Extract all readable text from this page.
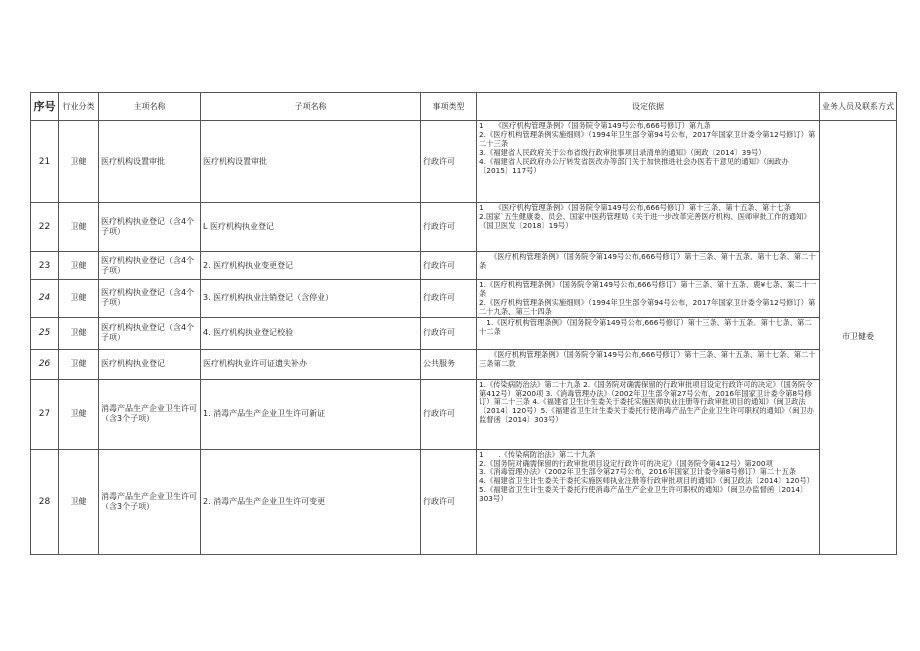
序号	行业分类	主项名称	子项名称	事项类型	设定依据	业务人员及联系方式
21	卫健	医疗机构设置审批	医疗机构设置审批	行政许可	1　　《医疗机构管理条例》（国务院令第149号公布,666号修订）第九条
2.《医疗机构管理条例实施细则》（1994年卫生部令第94号公布，2017年国家卫计委令第12号修订）第二十三条
3.《福建省人民政府关于公布省级行政审批事项目录清单的通知》（闽政〔2014〕39号）
4.《福建省人民政府办公厅转发省医改办等部门关于加快推进社会办医若干意见的通知》（闽政办〔2015〕117号）	市卫健委
22	卫健	医疗机构执业登记（含4个子项）	L 医疗机构执业登记	行政许可	1　　《医疗机构管理条例》（国务院令第149号公布,666号修订）第十三条、第十五条、第十七条
2.国家`五生健康委、员会、国家中医药管理局《关于进一步改革完善医疗机构、医师审批工作的通知》（国卫医发〔2018〕19号）	

23	卫健	医疗机构执业登记（含4个子项）	2. 医疗机构执业变更登记	行政许可	　　《医疗机构管理条例》（国务院令第149号公布,666号修订）第十三条、第十五条、第十七条、第二十条	

24	卫健	医疗机构执业登记（含4个子项）	3. 医疗机构执业注销登记（含停业）	行政许可	1.《医疗机构管理条例》（国务院令第149号公布,666号修订）第十三条、第十五条、鹿¥七条、案二十一条
2.《医疗机构管理条例实施细则》（1994年卫生部令第94号公布，2017年国家卫计委令第12号修订）第二十九条、第三十四条	

25	卫健	医疗机构执业登记（含4个子项）	4. 医疗机构执业登记校验	行政许可	　1.《医疗机构管理条例》（国务院令第149号公布,666号修订）第十三条、第十五条、第十七条、第二十二条	

26	卫健	医疗机构执业登记	医疗机构执业许可证遗失补办	公共服务	　　《医疗机构管理条例》（国务院令第149号公布,666号修订）第十三条、第十五条、第十七条、第二十三条第二款	

27	卫健	消毒产品生产企业卫生许可（含3个子项）	1. 消毒产品生产企业卫生许可新证	行政许可	1.《传染病防治法》第二十九条 2.《国务院对确需保留的行政审批项目设定行政许可的决定》（国务院令第412号）第200项 3.《消毒管理办法》（2002年卫生部令第27号公布，2016年国家卫计委令第8号修订）第二十三条 4.《福建省卫生计生委关于委托实施医师执业注册等行政审批项目的通知》（闽卫政法〔2014〕120号）5.《福建省卫生计生委关于委托行使消毒产品生产企业卫生许可职权的通知》（闽卫办监督函〔2014〕303号）	

28	卫健	消毒产品生产企业卫生许可（含3个子项）	2. 消毒产品生产企业卫生许可变更	行政许可	1　　.《传染病防治法》第二十九条
2.《国务院对确需保留的行政审批项目设定行政许可的决定》（国务院令第412号）第200项
3.《消毒管理办法》（2002年卫生部令第27号公布，2016年国家卫计委令第8号修订）第二十五条
4.《福建省卫生计生委关于委托实施医师执业注册等行政审批项目的通知》（闽卫政法〔2014〕120号）
5.《福建省卫生计生委关于委托行使消毒产品生产企业卫生许可职权的通知》（闽卫办监督函〔2014〕303号）	
